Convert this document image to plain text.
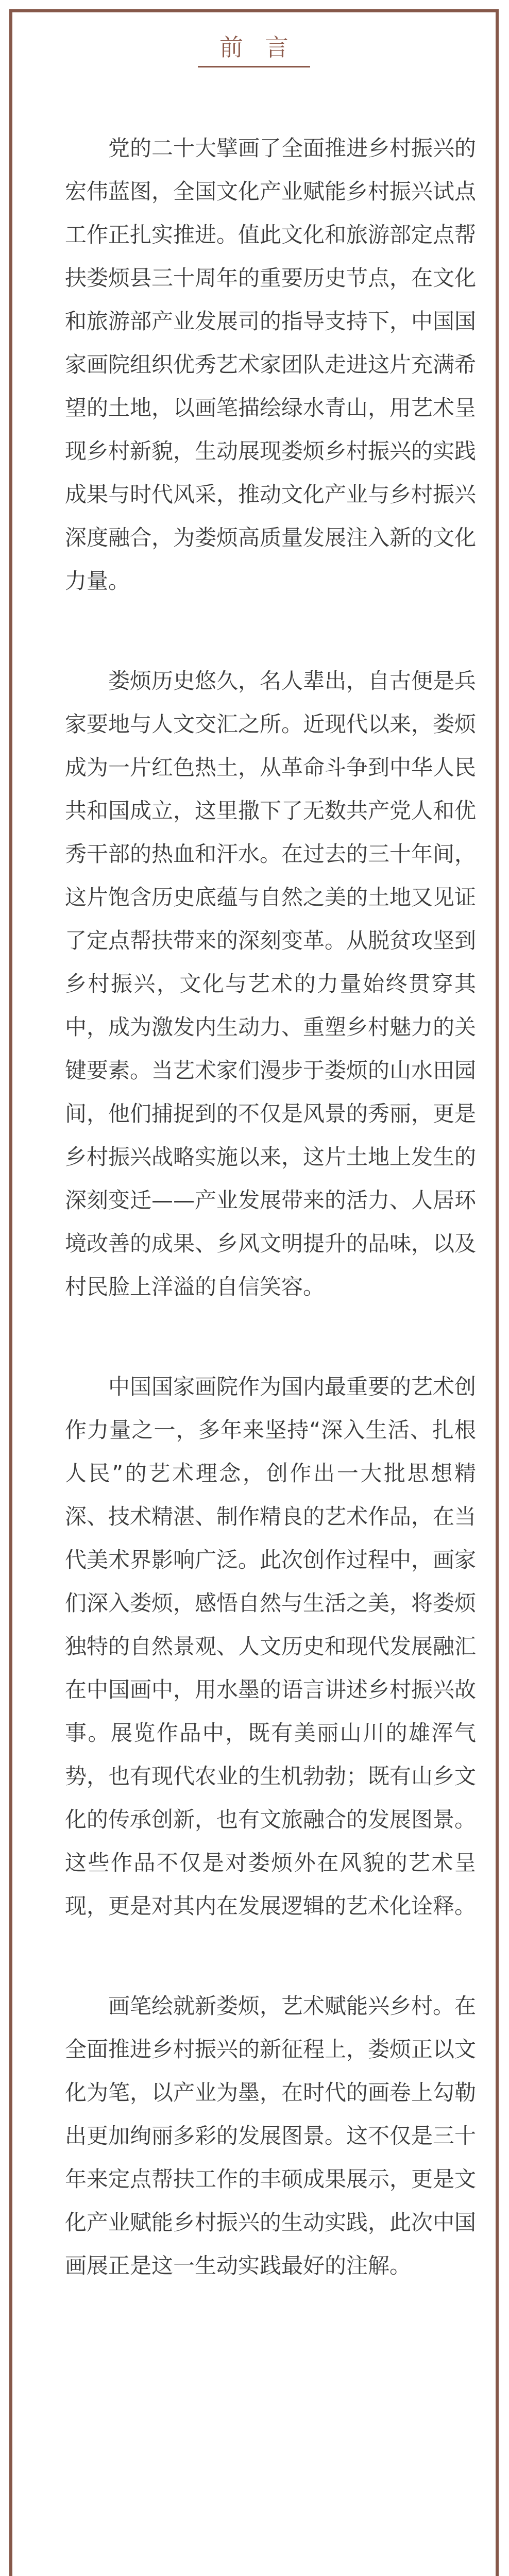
前言

党的二十大擘画了全面推进乡村振兴的宏伟蓝图，全国文化产业赋能乡村振兴试点工作正扎实推进。值此文化和旅游部定点帮扶娄烦县三十周年的重要历史节点，在文化和旅游部产业发展司的指导支持下，中国国家画院组织优秀艺术家团队走进这片充满希望的土地，以画笔描绘绿水青山，用艺术呈现乡村新貌，生动展现娄烦乡村振兴的实践成果与时代风采，推动文化产业与乡村振兴深度融合，为娄烦高质量发展注入新的文化力量。

娄烦历史悠久，名人辈出，自古便是兵家要地与人文交汇之所。近现代以来，娄烦成为一片红色热土，从革命斗争到中华人民共和国成立，这里撒下了无数共产党人和优秀干部的热血和汗水。在过去的三十年间，这片饱含历史底蕴与自然之美的土地又见证了定点帮扶带来的深刻变革。从脱贫攻坚到乡村振兴，文化与艺术的力量始终贯穿其中，成为激发内生动力、重塑乡村魅力的关键要素。当艺术家们漫步于娄烦的山水田园间，他们捕捉到的不仅是风景的秀丽，更是乡村振兴战略实施以来，这片土地上发生的深刻变迁——产业发展带来的活力、人居环境改善的成果、乡风文明提升的品味，以及村民脸上洋溢的自信笑容。

中国国家画院作为国内最重要的艺术创作力量之一，多年来坚持“深入生活、扎根人民”的艺术理念，创作出一大批思想精深、技术精湛、制作精良的艺术作品，在当代美术界影响广泛。此次创作过程中，画家们深入娄烦，感悟自然与生活之美，将娄烦独特的自然景观、人文历史和现代发展融汇在中国画中，用水墨的语言讲述乡村振兴故事。展览作品中，既有美丽山川的雄浑气势，也有现代农业的生机勃勃；既有山乡文化的传承创新，也有文旅融合的发展图景。这些作品不仅是对娄烦外在风貌的艺术呈现，更是对其内在发展逻辑的艺术化诠释。

画笔绘就新娄烦，艺术赋能兴乡村。在全面推进乡村振兴的新征程上，娄烦正以文化为笔，以产业为墨，在时代的画卷上勾勒出更加绚丽多彩的发展图景。这不仅是三十年来定点帮扶工作的丰硕成果展示，更是文化产业赋能乡村振兴的生动实践，此次中国画展正是这一生动实践最好的注解。
